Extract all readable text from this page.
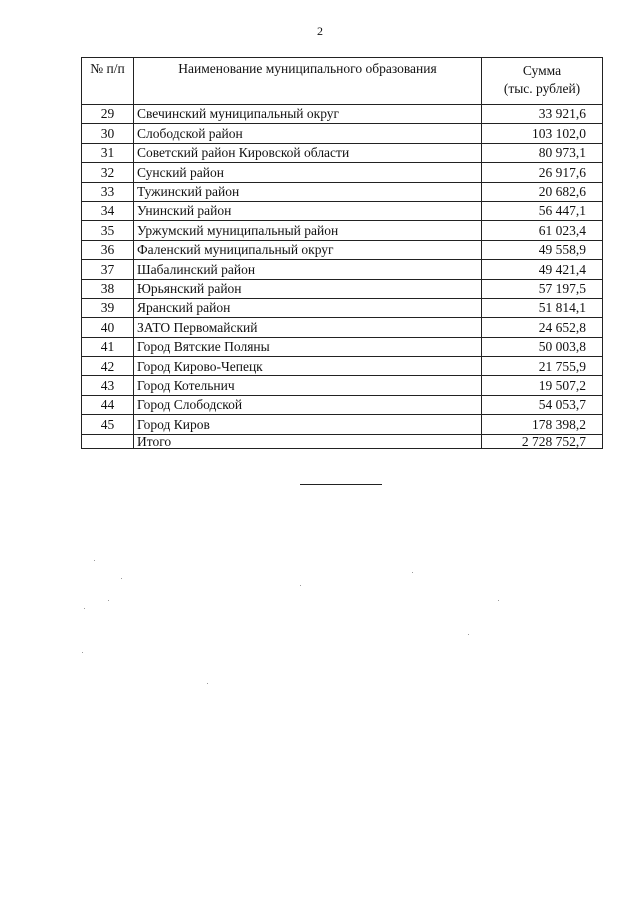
2
№ п/п	Наименование муниципального образования	Сумма
(тыс. рублей)

29	Свечинский муниципальный округ	33 921,6
30	Слободской район	103 102,0
31	Советский район Кировской области	80 973,1
32	Сунский район	26 917,6
33	Тужинский район	20 682,6
34	Унинский район	56 447,1
35	Уржумский муниципальный район	61 023,4
36	Фаленский муниципальный округ	49 558,9
37	Шабалинский район	49 421,4
38	Юрьянский район	57 197,5
39	Яранский район	51 814,1
40	ЗАТО Первомайский	24 652,8
41	Город Вятские Поляны	50 003,8
42	Город Кирово-Чепецк	21 755,9
43	Город Котельнич	19 507,2
44	Город Слободской	54 053,7
45	Город Киров	178 398,2
	Итого	2 728 752,7
